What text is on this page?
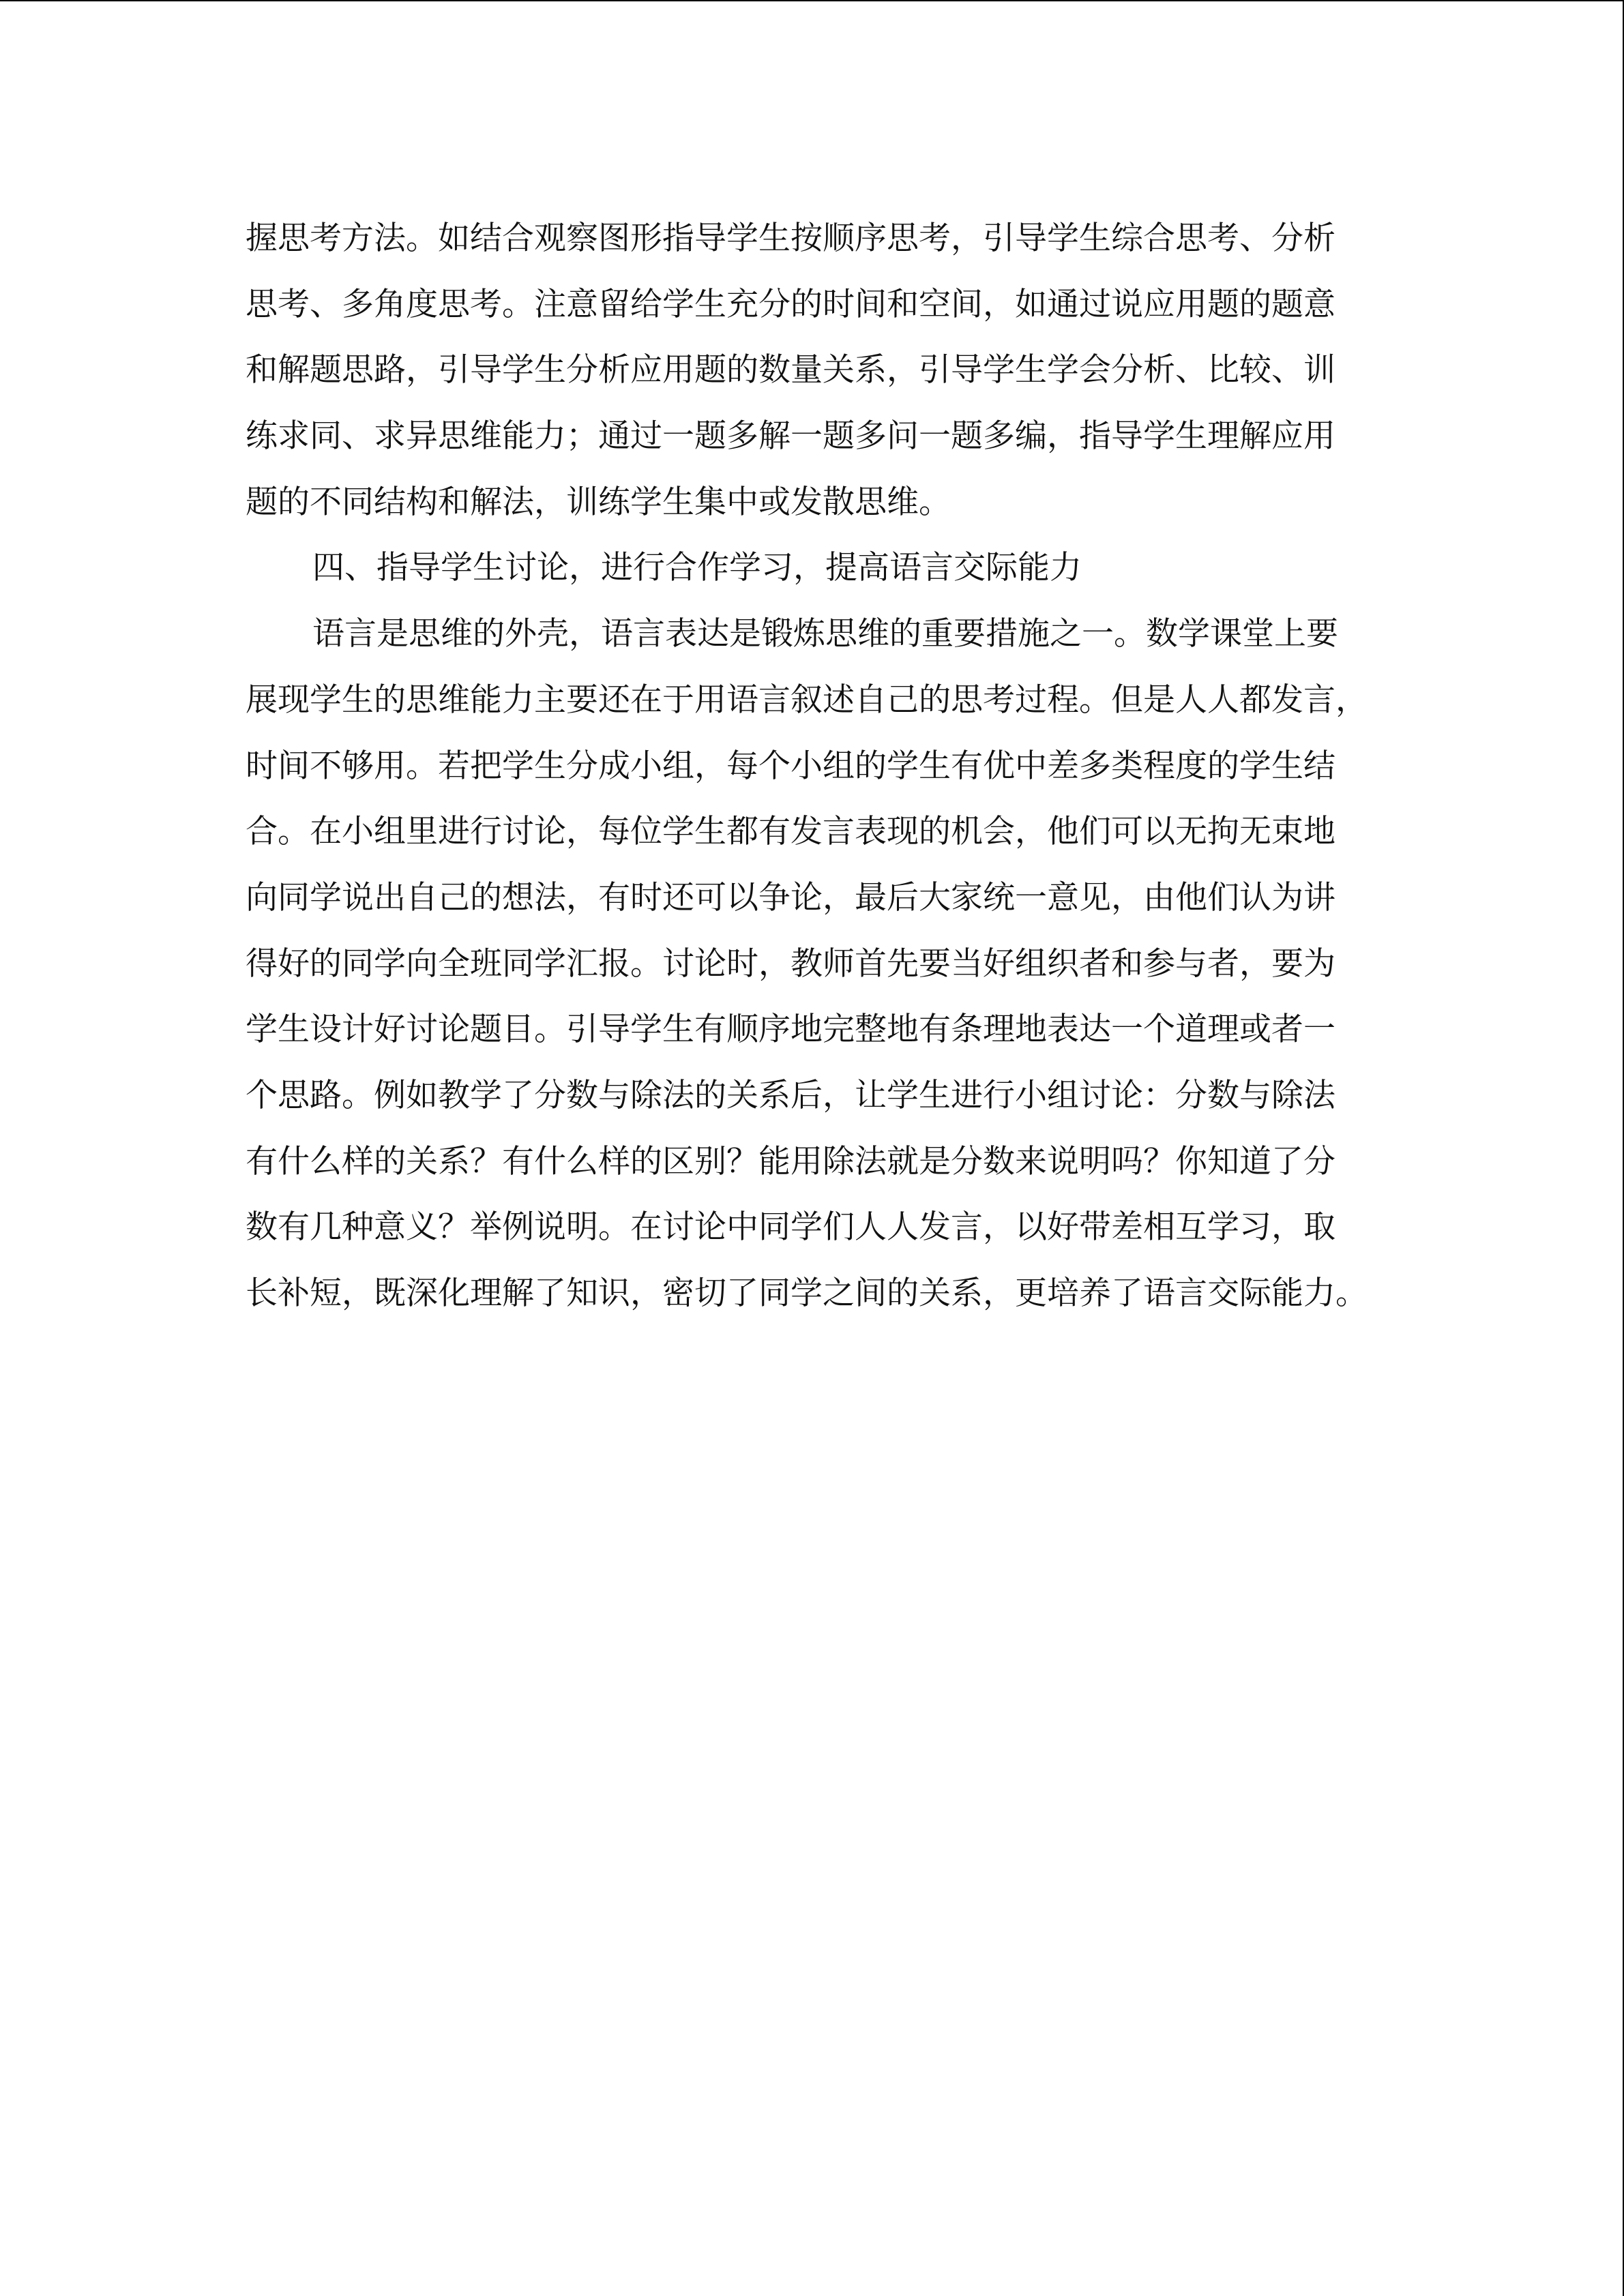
握思考方法。如结合观察图形指导学生按顺序思考，引导学生综合思考、分析
思考、多角度思考。注意留给学生充分的时间和空间，如通过说应用题的题意
和解题思路，引导学生分析应用题的数量关系，引导学生学会分析、比较、训
练求同、求异思维能力；通过一题多解一题多问一题多编，指导学生理解应用
题的不同结构和解法，训练学生集中或发散思维。
四、指导学生讨论，进行合作学习，提高语言交际能力
语言是思维的外壳，语言表达是锻炼思维的重要措施之一。数学课堂上要
展现学生的思维能力主要还在于用语言叙述自己的思考过程。但是人人都发言，
时间不够用。若把学生分成小组，每个小组的学生有优中差多类程度的学生结
合。在小组里进行讨论，每位学生都有发言表现的机会，他们可以无拘无束地
向同学说出自己的想法，有时还可以争论，最后大家统一意见，由他们认为讲
得好的同学向全班同学汇报。讨论时，教师首先要当好组织者和参与者，要为
学生设计好讨论题目。引导学生有顺序地完整地有条理地表达一个道理或者一
个思路。例如教学了分数与除法的关系后，让学生进行小组讨论：分数与除法
有什么样的关系？有什么样的区别？能用除法就是分数来说明吗？你知道了分
数有几种意义？举例说明。在讨论中同学们人人发言，以好带差相互学习，取
长补短，既深化理解了知识，密切了同学之间的关系，更培养了语言交际能力。
